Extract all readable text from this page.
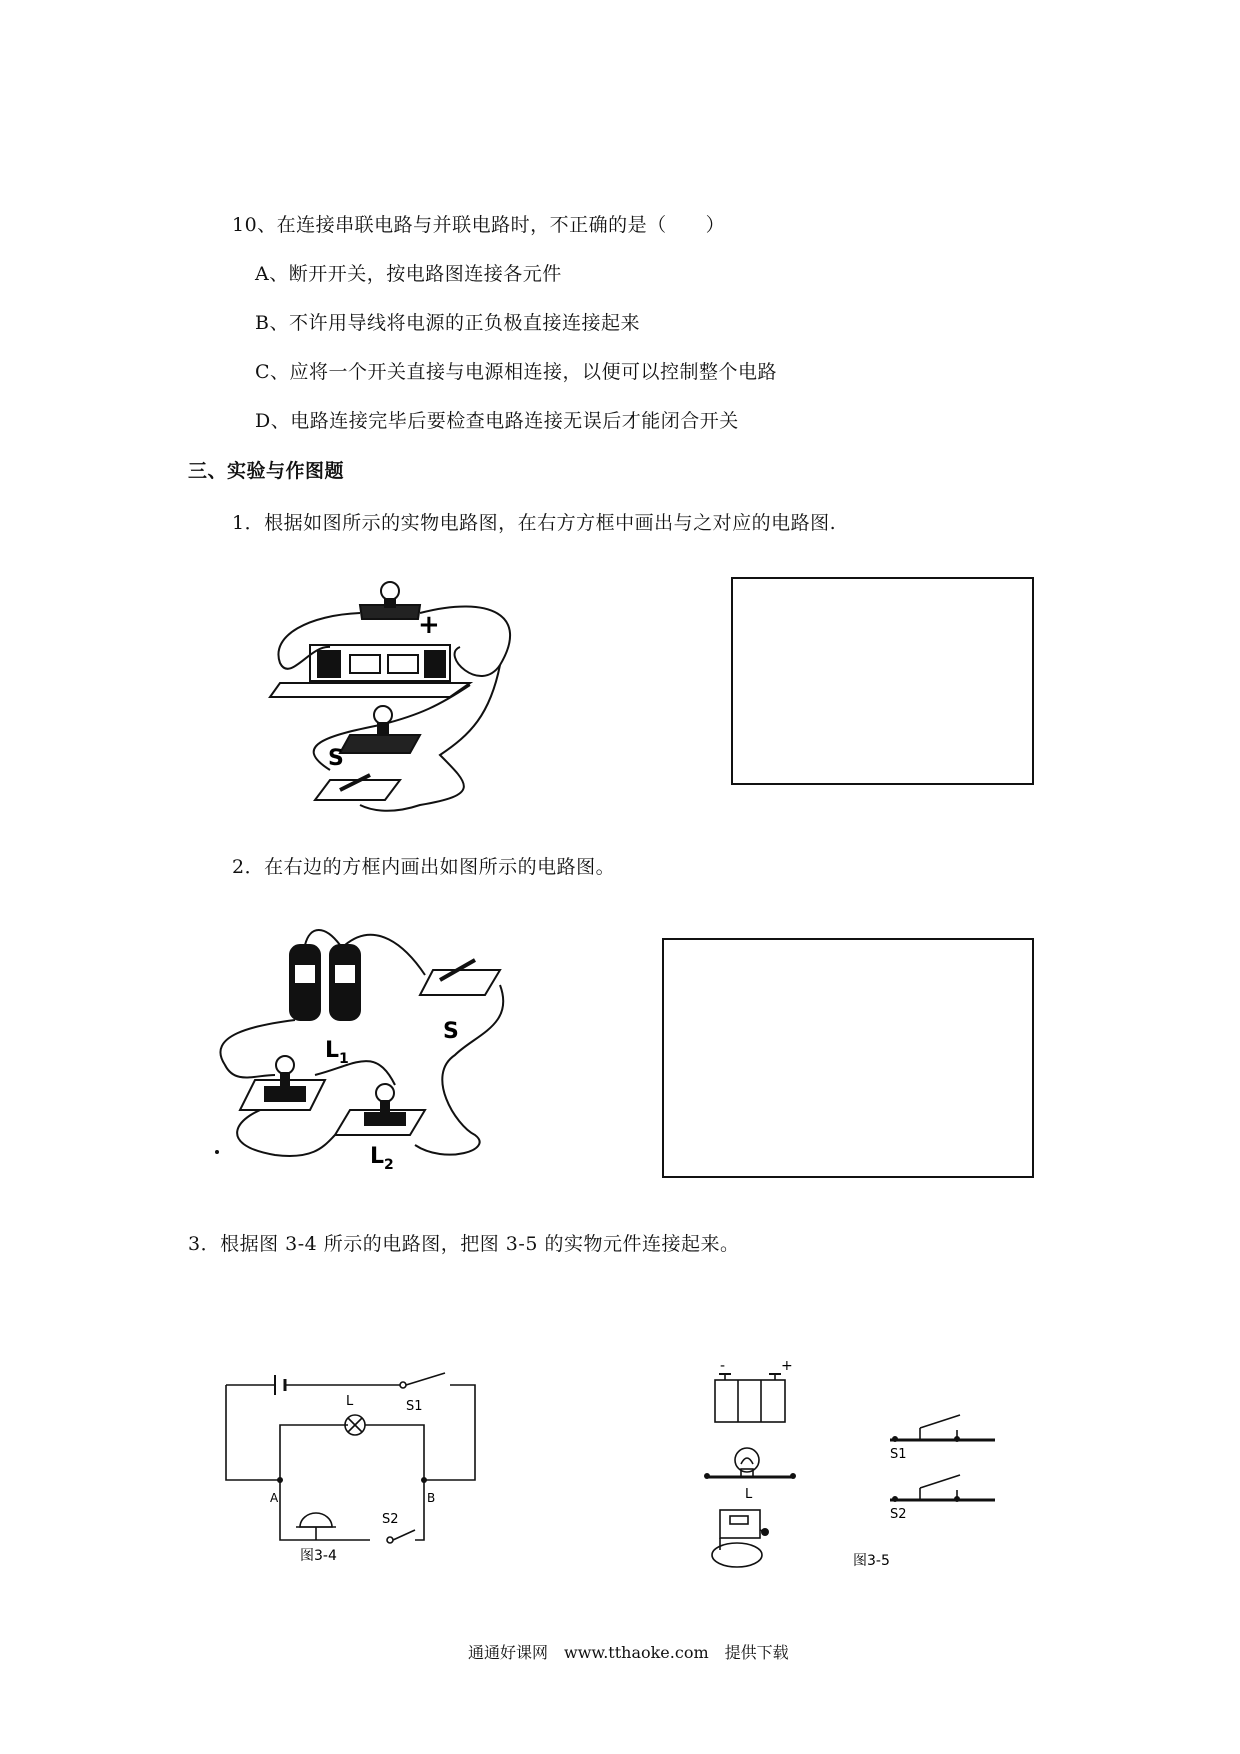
10、在连接串联电路与并联电路时，不正确的是（　　）
A、断开开关，按电路图连接各元件
B、不许用导线将电源的正负极直接连接起来
C、应将一个开关直接与电源相连接，以便可以控制整个电路
D、电路连接完毕后要检查电路连接无误后才能闭合开关
三、实验与作图题
1．根据如图所示的实物电路图，在右方方框中画出与之对应的电路图.
+
S
2．在右边的方框内画出如图所示的电路图。
$L_1$
S
$L_2$
3．根据图 3-4 所示的电路图，把图 3-5 的实物元件连接起来。
S1
L
A	B
S2
图3-4
-	+
L
S1
S2
图3-5
通通好课网　www.tthaoke.com　提供下载
